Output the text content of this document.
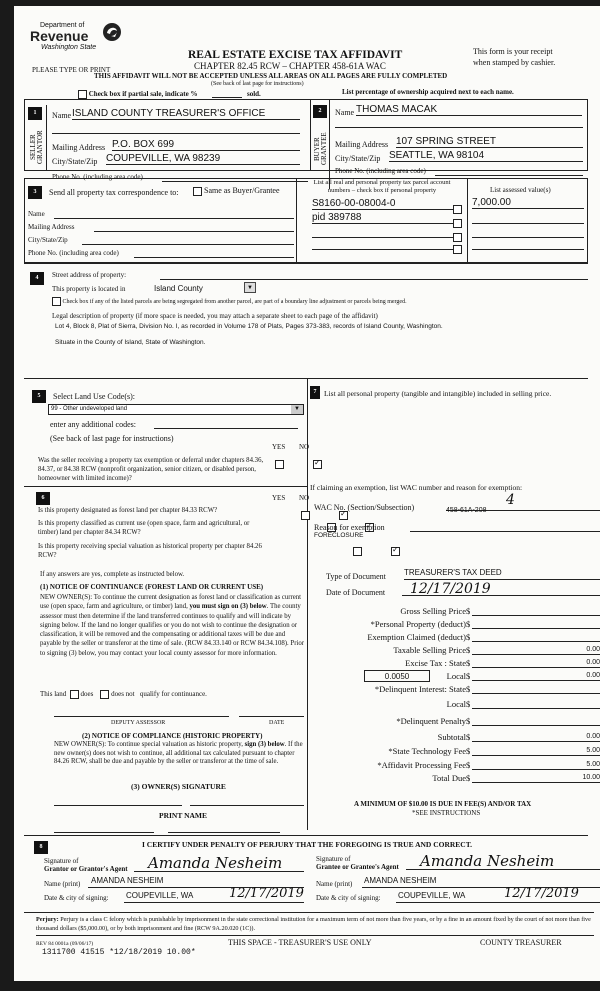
Department of
Revenue
Washington State
PLEASE TYPE OR PRINT
REAL ESTATE EXCISE TAX AFFIDAVIT
CHAPTER 82.45 RCW – CHAPTER 458-61A WAC
This form is your receipt
when stamped by cashier.
THIS AFFIDAVIT WILL NOT BE ACCEPTED UNLESS ALL AREAS ON ALL PAGES ARE FULLY COMPLETED
(See back of last page for instructions)
Check box if partial sale, indicate %	sold.	List percentage of ownership acquired next to each name.
1
SELLER GRANTOR
Name ISLAND COUNTY TREASURER'S OFFICE
Mailing Address P.O. BOX 699
City/State/Zip COUPEVILLE, WA 98239
Phone No. (including area code)
2
BUYER GRANTEE
Name THOMAS MACAK
Mailing Address 107 SPRING STREET
City/State/Zip SEATTLE, WA 98104
Phone No. (including area code)
3	Send all property tax correspondence to:	Same as Buyer/Grantee
Name
Mailing Address
City/State/Zip
Phone No. (including area code)
List all real and personal property tax parcel account
numbers – check box if personal property	List assessed value(s)
S8160-00-08004-0	7,000.00
pid 389788
4	Street address of property:
This property is located in	Island County	▼
Check box if any of the listed parcels are being segregated from another parcel, are part of a boundary line adjustment or parcels being merged.
Legal description of property (if more space is needed, you may attach a separate sheet to each page of the affidavit)
Lot 4, Block 8, Plat of Sierra, Division No. I, as recorded in Volume 178 of Plats, Pages 373-383, records of Island County, Washington.
Situate in the County of Island, State of Washington.
5	Select Land Use Code(s):
99 - Other undeveloped land	▼
enter any additional codes:
(See back of last page for instructions)
YES NO
Was the seller receiving a property tax exemption or deferral under chapters 84.36, 84.37, or 84.38 RCW (nonprofit organization, senior citizen, or disabled person, homeowner with limited income)?
✓
6	YES NO
Is this property designated as forest land per chapter 84.33 RCW?
✓
Is this property classified as current use (open space, farm and agricultural, or timber) land per chapter 84.34 RCW?
✓
Is this property receiving special valuation as historical property per chapter 84.26 RCW?
✓
If any answers are yes, complete as instructed below.
(1) NOTICE OF CONTINUANCE (FOREST LAND OR CURRENT USE)
NEW OWNER(S): To continue the current designation as forest land or classification as current use (open space, farm and agriculture, or timber) land, you must sign on (3) below. The county assessor must then determine if the land transferred continues to qualify and will indicate by signing below. If the land no longer qualifies or you do not wish to continue the designation or classification, it will be removed and the compensating or additional taxes will be due and payable by the seller or transferor at the time of sale. (RCW 84.33.140 or RCW 84.34.108). Prior to signing (3) below, you may contact your local county assessor for more information.
This land does	does not qualify for continuance.
DEPUTY ASSESSOR	DATE
(2) NOTICE OF COMPLIANCE (HISTORIC PROPERTY)
NEW OWNER(S): To continue special valuation as historic property, sign (3) below. If the new owner(s) does not wish to continue, all additional tax calculated pursuant to chapter 84.26 RCW, shall be due and payable by the seller or transferor at the time of sale.
(3) OWNER(S) SIGNATURE
PRINT NAME
7	List all personal property (tangible and intangible) included in selling price.
If claiming an exemption, list WAC number and reason for exemption:
WAC No. (Section/Subsection)	458-61A-208
4
Reason for exemption
FORECLOSURE
Type of Document TREASURER'S TAX DEED
Date of Document	12/17/2019
Gross Selling Price $
*Personal Property (deduct) $
Exemption Claimed (deduct) $
Taxable Selling Price $	0.00
Excise Tax : State $	0.00
0.0050	Local $	0.00
*Delinquent Interest: State $
Local $
*Delinquent Penalty $
Subtotal $	0.00
*State Technology Fee $	5.00
*Affidavit Processing Fee $	5.00
Total Due $	10.00
A MINIMUM OF $10.00 IS DUE IN FEE(S) AND/OR TAX
*SEE INSTRUCTIONS
8	I CERTIFY UNDER PENALTY OF PERJURY THAT THE FOREGOING IS TRUE AND CORRECT.
Signature of
Grantor or Grantor's Agent	Amanda Nesheim
Name (print)	AMANDA NESHEIM
Date & city of signing: COUPEVILLE, WA	12/17/2019
Signature of
Grantee or Grantee's Agent	Amanda Nesheim
Name (print) AMANDA NESHEIM
Date & city of signing: COUPEVILLE, WA	12/17/2019
Perjury: Perjury is a class C felony which is punishable by imprisonment in the state correctional institution for a maximum term of not more than five years, or by a fine in an amount fixed by the court of not more than five thousand dollars ($5,000.00), or by both imprisonment and fine (RCW 9A.20.020 (1C)).
REV 84 0001a (09/06/17)	THIS SPACE - TREASURER'S USE ONLY	COUNTY TREASURER
1311700 41515 *12/18/2019 10.00*
